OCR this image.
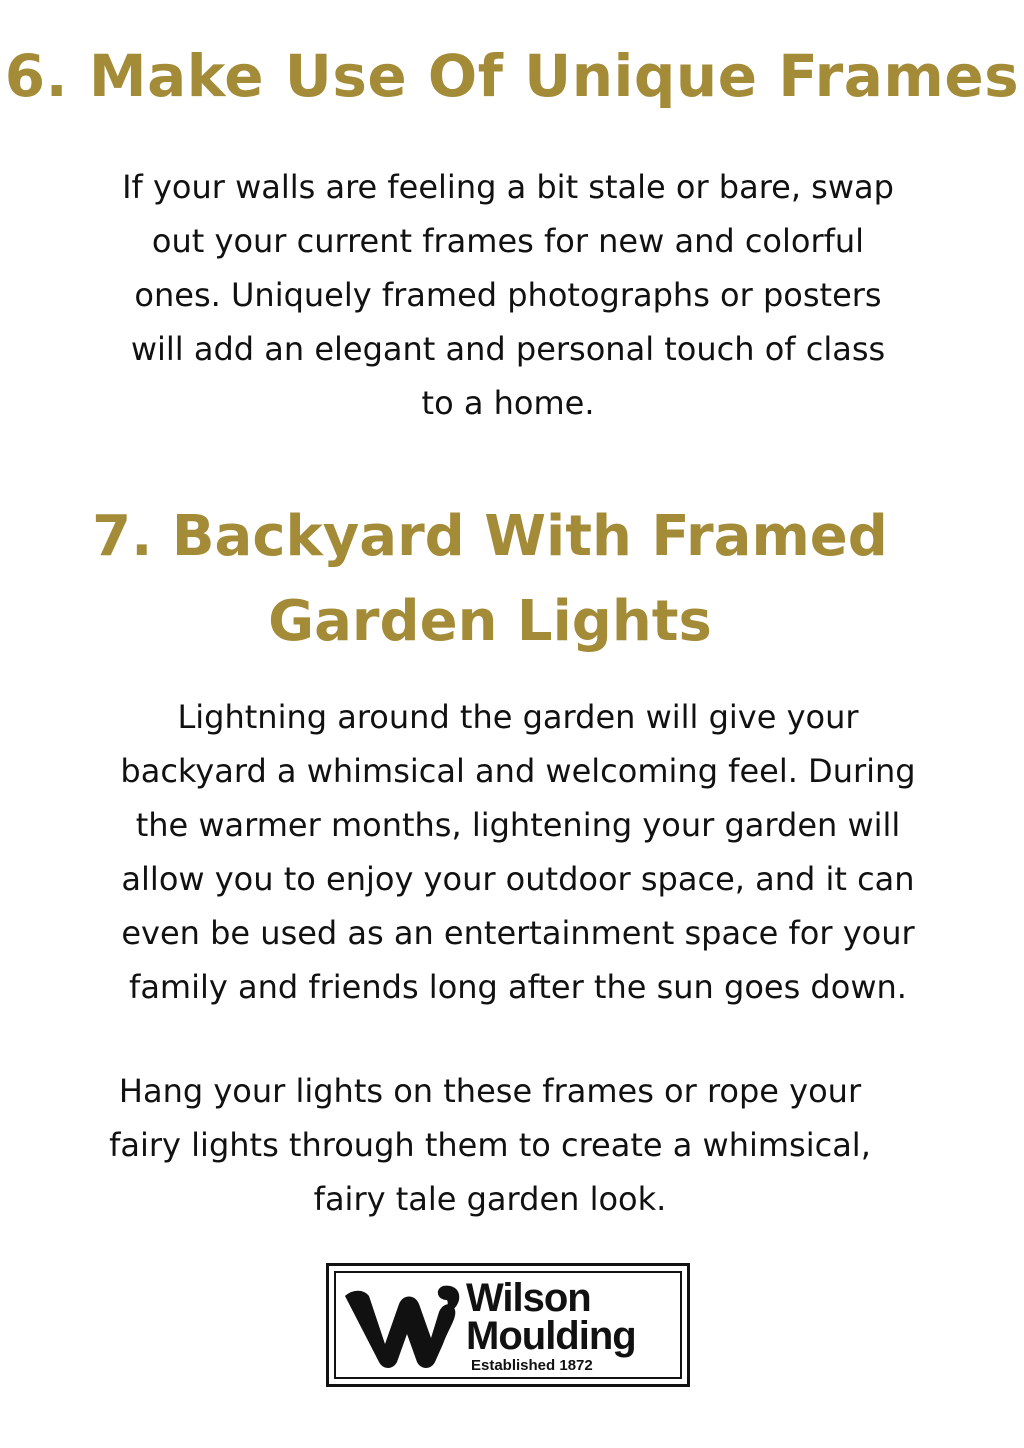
6. Make Use Of Unique Frames
If your walls are feeling a bit stale or bare, swap
out your current frames for new and colorful
ones. Uniquely framed photographs or posters
will add an elegant and personal touch of class
to a home.
7. Backyard With Framed
Garden Lights
Lightning around the garden will give your
backyard a whimsical and welcoming feel. During
the warmer months, lightening your garden will
allow you to enjoy your outdoor space, and it can
even be used as an entertainment space for your
family and friends long after the sun goes down.
Hang your lights on these frames or rope your
fairy lights through them to create a whimsical,
fairy tale garden look.
Wilson
Moulding
Established 1872
